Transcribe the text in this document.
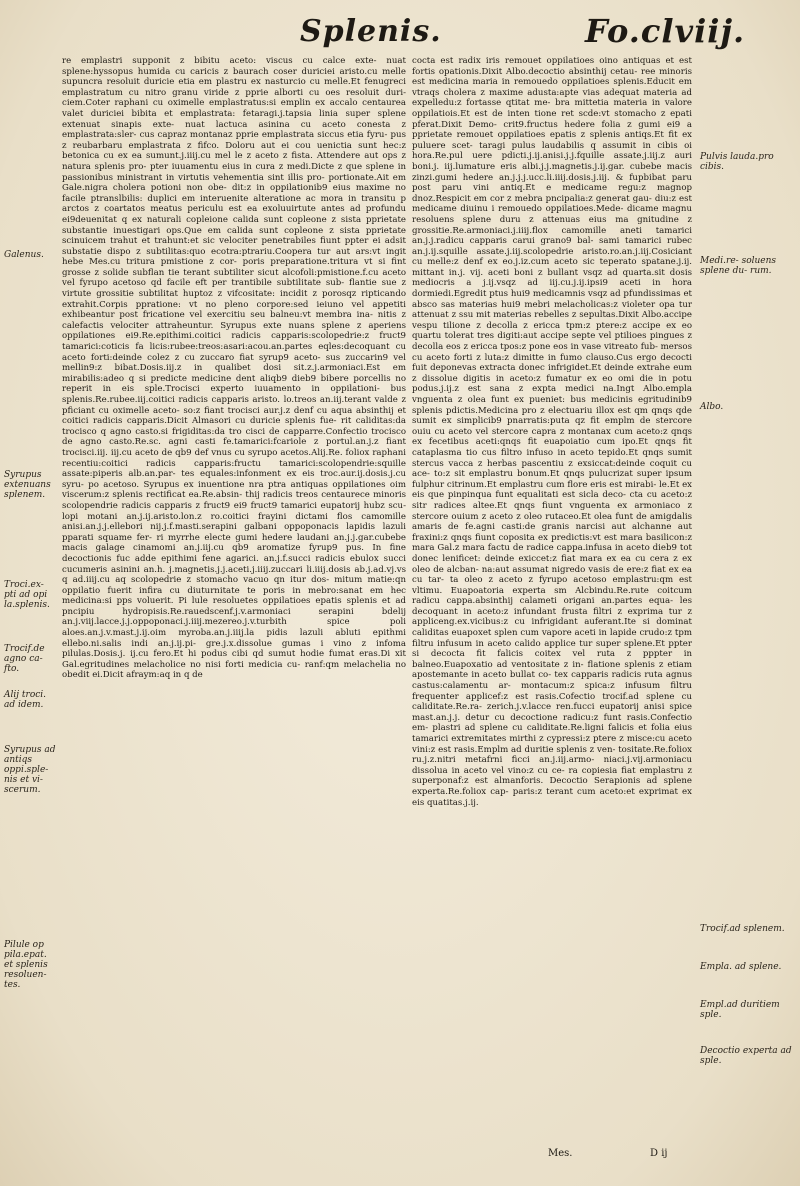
Splenis.	Fo.clviij.

re emplastri supponit z bibitu aceto: viscus cu calce exte- nuat splene:hyssopus humida cu caricis z baurach coser duriciei aristo.cu melle supuncra resoluit duricie etia em plastru ex nasturcio cu melle.Et fenugreci emplastratum cu nitro granu viride z pprie alborti cu oes resoluit duri- ciem.Coter raphani cu oximelle emplastratus:si emplin ex accalo centaurea valet duriciei bibita et emplastrata: fetaragi.j.tapsia linia super splene extenuat sinapis exte- nuat lactuca asinina cu aceto conesta z emplastrata:sler- cus capraz montanaz pprie emplastrata siccus etia fyru- pus z reubarbaru emplastrata z fifco. Doloru aut ei cou uenictia sunt hec:z betonica cu ex ea sumunt.j.iiij.cu mel le z aceto z fista. Attendere aut ops z natura splenis pro- pter iuuamentu eius in cura z medi.Dicte z que splene in passionibus ministrant in virtutis vehementia sint illis pro- portionate.Ait em Gale.nigra cholera potioni non obe- dit:z in oppilationib9 eius maxime no facile ptranslbilis: duplici em interuenite alteratione ac mora in transitu p arctos z coartatos meatus periculu est ea exoluuirtute antes ad profundu ei9deuenitat q ex naturali copleione calida sunt copleone z sista pprietate substantie inuestigari ops.Que em calida sunt copleone z sista pprietate scinuicem trahut et trahunt:et sic velociter penetrabiles fiunt ppter ei adsit substatie dispo z subtilitas:quo ecotra:ptrariu.Coopera tur aut ars:vt ingit hebe Mes.cu tritura pmistione z cor- poris preparatione.tritura vt si fint grosse z solide subflan tie terant subtiliter sicut alcofoli:pmistione.f.cu aceto vel fyrupo acetoso qd facile eft per trantibile subtilitate sub- flantie sue z virtute grossitie subtilitat huptoz z vifcositate: incidit z porosqz ripticando extrahit.Corpis ppratione: vt no pleno corpore:sed ieiuno vel appetiti exhibeantur post fricatione vel exercitiu seu balneu:vt membra ina- nitis z calefactis velociter attraheuntur. Syrupus exte nuans splene z aperiens oppilationes ei9.Re.epithimi.coitici radicis capparis:scolopedrie:z fruct9 tamarici:coticis fa licis:rubee:treos:asari:acou.an.partes eqles:decoquant cu aceto forti:deinde colez z cu zuccaro fiat syrup9 aceto- sus zuccarin9 vel mellin9:z bibat.Dosis.iij.z in qualibet dosi sit.z.j.armoniaci.Est em mirabilis:adeo q si predicte medicine dent aliqb9 dieb9 bibere porcellis no reperit in eis sple.Trocisci experto iuuamento in oppilationi- bus splenis.Re.rubee.iij.coitici radicis capparis aristo. lo.treos an.iij.terant valde z pficiant cu oximelle aceto- so:z fiant trocisci aur.j.z denf cu aqua absinthij et coitici radicis capparis.Dicit Almasori cu duricie splenis fue- rit caliditas:da trocisco q agno casto.si frigiditas:da tro cisci de capparre.Confectio trocisco de agno casto.Re.sc. agni casti fe.tamarici:fcariole z portul.an.j.z fiant trocisci.iij. iij.cu aceto de qb9 def vnus cu syrupo acetos.Alij.Re. foliox raphani recentiu:coitici radicis capparis:fructu tamarici:scolopendrie:squille assate:piperis alb.an.par- tes equales:infonment ex eis troc.aur.ij.dosis.j.cu syru- po acetoso. Syrupus ex inuentione nra ptra antiquas oppilationes oim viscerum:z splenis rectificat ea.Re.absin- thij radicis treos centaurece minoris scolopendrie radicis capparis z fruct9 ei9 fruct9 tamarici eupatorij hubz scu- lopi motani an.j.ij.aristo.lon.z ro.coitici frayini dictami flos camomille anisi.an.j.j.ellebori nij.j.f.masti.serapini galbani oppoponacis lapidis lazuli pparati squame fer- ri myrrhe electe gumi hedere laudani an.j.j.gar.cubebe macis galage cinamomi an.j.iij.cu qb9 aromatize fyrup9 pus. In fine decoctionis fuc adde epithimi fene agarici. an.j.f.succi radicis ebulox succi cucumeris asinini an.h. j.magnetis.j.j.aceti.j.iiij.zuccari li.iiij.dosis ab.j.ad.vj.vs q ad.iiij.cu aq scolopedrie z stomacho vacuo qn itur dos- mitum matie:qn oppilatio fuerit infira cu diuturnitate te poris in mebro:sanat em hec medicina:si pps voluerit. Pi lule resoluetes oppilatioes epatis splenis et ad pncipiu hydropisis.Re.rauedscenf.j.v.armoniaci serapini bdelij an.j.viij.lacce.j.j.oppoponaci.j.iiij.mezereo.j.v.turbith spice poli aloes.an.j.v.mast.j.ij.oim myroba.an.j.iiij.la pidis lazuli abluti epithmi ellebo.ni.salis indi an.j.ij.pi- gre.j.x.dissolue gumas i vino z infoma pilulas.Dosis.j. ij.cu fero.Et hi podus cibi qd sumut hodie fumat eras.Di xit Gal.egritudines melacholice no nisi forti medicia cu- ranf:qm melachelia no obedit ei.Dicit afraym:aq in q de

cocta est radix iris remouet oppilatioes oino antiquas et est fortis opationis.Dixit Albo.decoctio absinthij cetau- ree minoris est medicina maria in remouedo oppilatioes splenis.Educit em vtraqs cholera z maxime adusta:apte vias adequat materia ad expelledu:z fortasse qtitat me- bra mittetia materia in valore oppilatiois.Et est de inten tione ret scde:vt stomacho z epati pferat.Dixit Demo- crit9.fructus hedere folia z gumi ei9 a pprietate remouet oppilatioes epatis z splenis antiqs.Et fit ex puluere scet- taragi pulus laudabilis q assumit in cibis oi hora.Re.pul uere pdicti.j.ij.anisi.j.j.fquille assate.j.iij.z auri boni.j. iij.lumature eris albi.j.j.magnetis.j.ij.gar. cubebe macis zinzi.gumi hedere an.j.j.j.ucc.li.iiij.dosis.j.iij. & fupbibat paru post paru vini antiq.Et e medicame regu:z magnop dnoz.Respicit em cor z mebra pncipalia:z generat gau- diu:z est medicame diuinu i remouedo oppilatioes.Mede- dicame magnu resoluens splene duru z attenuas eius ma gnitudine z grossitie.Re.armoniaci.j.iiij.flox camomille aneti tamarici an.j.j.radicu capparis carui grano9 bal- sami tamarici rubec an.j.ij.squille assate.j.iij.scolopedrie aristo.ro.an.j.iij.Cosiciant cu melle:z denf ex eo.j.iz.cum aceto sic teperato spatane.j.ij. mittant in.j. vij. aceti boni z bullant vsqz ad quarta.sit dosis mediocris a j.ij.vsqz ad iij.cu.j.ij.ipsi9 aceti in hora dormiedi.Egredit ptus hui9 medicamnis vsqz ad pfundissimas et absco sas materias hui9 mebri melacholicas:z violeter opa tur attenuat z ssu mit materias rebelles z sepultas.Dixit Albo.accipe vespu tilione z decolla z ericca tpm:z ptere:z accipe ex eo quartu tolerat tres digiti:aut accipe septe vel ptilioes pingues z decolla eos z ericca tpos:z pone eos in vase vitreato fub- mersos cu aceto forti z luta:z dimitte in fumo clauso.Cus ergo decocti fuit deponevas extracta donec infrigidet.Et deinde extrahe eum z dissolue digitis in aceto:z fumatur ex eo omi die in potu podus.j.ij.z est sana z expta medici na.Ingt Albo.empla vnguenta z olea funt ex pueniet: bus medicinis egritudinib9 splenis pdictis.Medicina pro z electuariu illox est qm qnqs qde sumit ex simplicib9 pnarratis:puta qz fit emplm de stercore ouiu cu aceto vel stercore capra z montanax cum aceto:z qnqs ex fecetibus aceti:qnqs fit euapoiatio cum ipo.Et qnqs fit cataplasma tio cus filtro infuso in aceto tepido.Et qnqs sumit stercus vacca z herbas pascentiu z exsiccat:deinde coquit cu ace- to:z sit emplastru bonum.Et qnqs pulucrizat super ipsum fulphur citrinum.Et emplastru cum flore eris est mirabi- le.Et ex eis que pinpinqua funt equalitati est sicla deco- cta cu aceto:z sitr radices altee.Et qnqs fiunt vnguenta ex armoniaco z stercore ouium z aceto z oleo rutaceo.Et olea funt de amigdalis amaris de fe.agni casti:de granis narcisi aut alchanne aut fraxini:z qnqs fiunt coposita ex predictis:vt est mara basilicon:z mara Gal.z mara factu de radice cappa.infusa in aceto dieb9 tot donec lenificet: deinde exiccet:z fiat mara ex ea cu cera z ex oleo de alcban- na:aut assumat nigredo vasis de ere:z fiat ex ea cu tar- ta oleo z aceto z fyrupo acetoso emplastru:qm est vltimu. Euapoatoria experta sm Alcbindu.Re.rute coitcum radicu cappa.absinthij calameti origani an.partes equa- les decoquant in aceto:z infundant frusta filtri z exprima tur z appliceng.ex.vicibus:z cu infrigidant auferant.Ite si dominat caliditas euapoxet splen cum vapore aceti in lapide crudo:z tpm filtru infusum in aceto calido applice tur super splene.Et ppter si decocta fit falicis coitex vel ruta z pppter in balneo.Euapoxatio ad ventositate z in- flatione splenis z etiam apostemante in aceto bullat co- tex capparis radicis ruta agnus castus:calamentu ar- montacum:z spica:z infusum filtru frequenter applicef:z est rasis.Cofectio trocif.ad splene cu caliditate.Re.ra- zerich.j.v.lacce ren.fucci eupatorij anisi spice mast.an.j.j. detur cu decoctione radicu:z funt rasis.Confectio em- plastri ad splene cu caliditate.Re.ligni falicis et folia eius tamarici extremitates mirthi z cypressi:z ptere z misce:cu aceto vini:z est rasis.Emplm ad duritie splenis z ven- tositate.Re.foliox ru.j.z.nitri metafrni ficci an.j.iij.armo- niaci.j.vij.armoniacu dissolua in aceto vel vino:z cu ce- ra copiesia fiat emplastru z superponaf:z est almanforis. Decoctio Serapionis ad splene experta.Re.foliox cap- paris:z terant cum aceto:et exprimat ex eis quatitas.j.ij.

Galenus.
Syrupus extenuans splenem.
Troci.ex- pti ad opi la.splenis.
Trocif.de agno ca- fto.
Alij troci. ad idem.
Syrupus ad antiqs oppi.sple- nis et vi- scerum.
Pilule op pila.epat. et splenis resoluen- tes.
Pulvis lauda.pro cibis.
Medi.re- soluens splene du- rum.
Albo.
Trocif.ad splenem.
Empla. ad splene.
Empl.ad duritiem sple.
Decoctio experta ad sple.
Mes.	D ij
